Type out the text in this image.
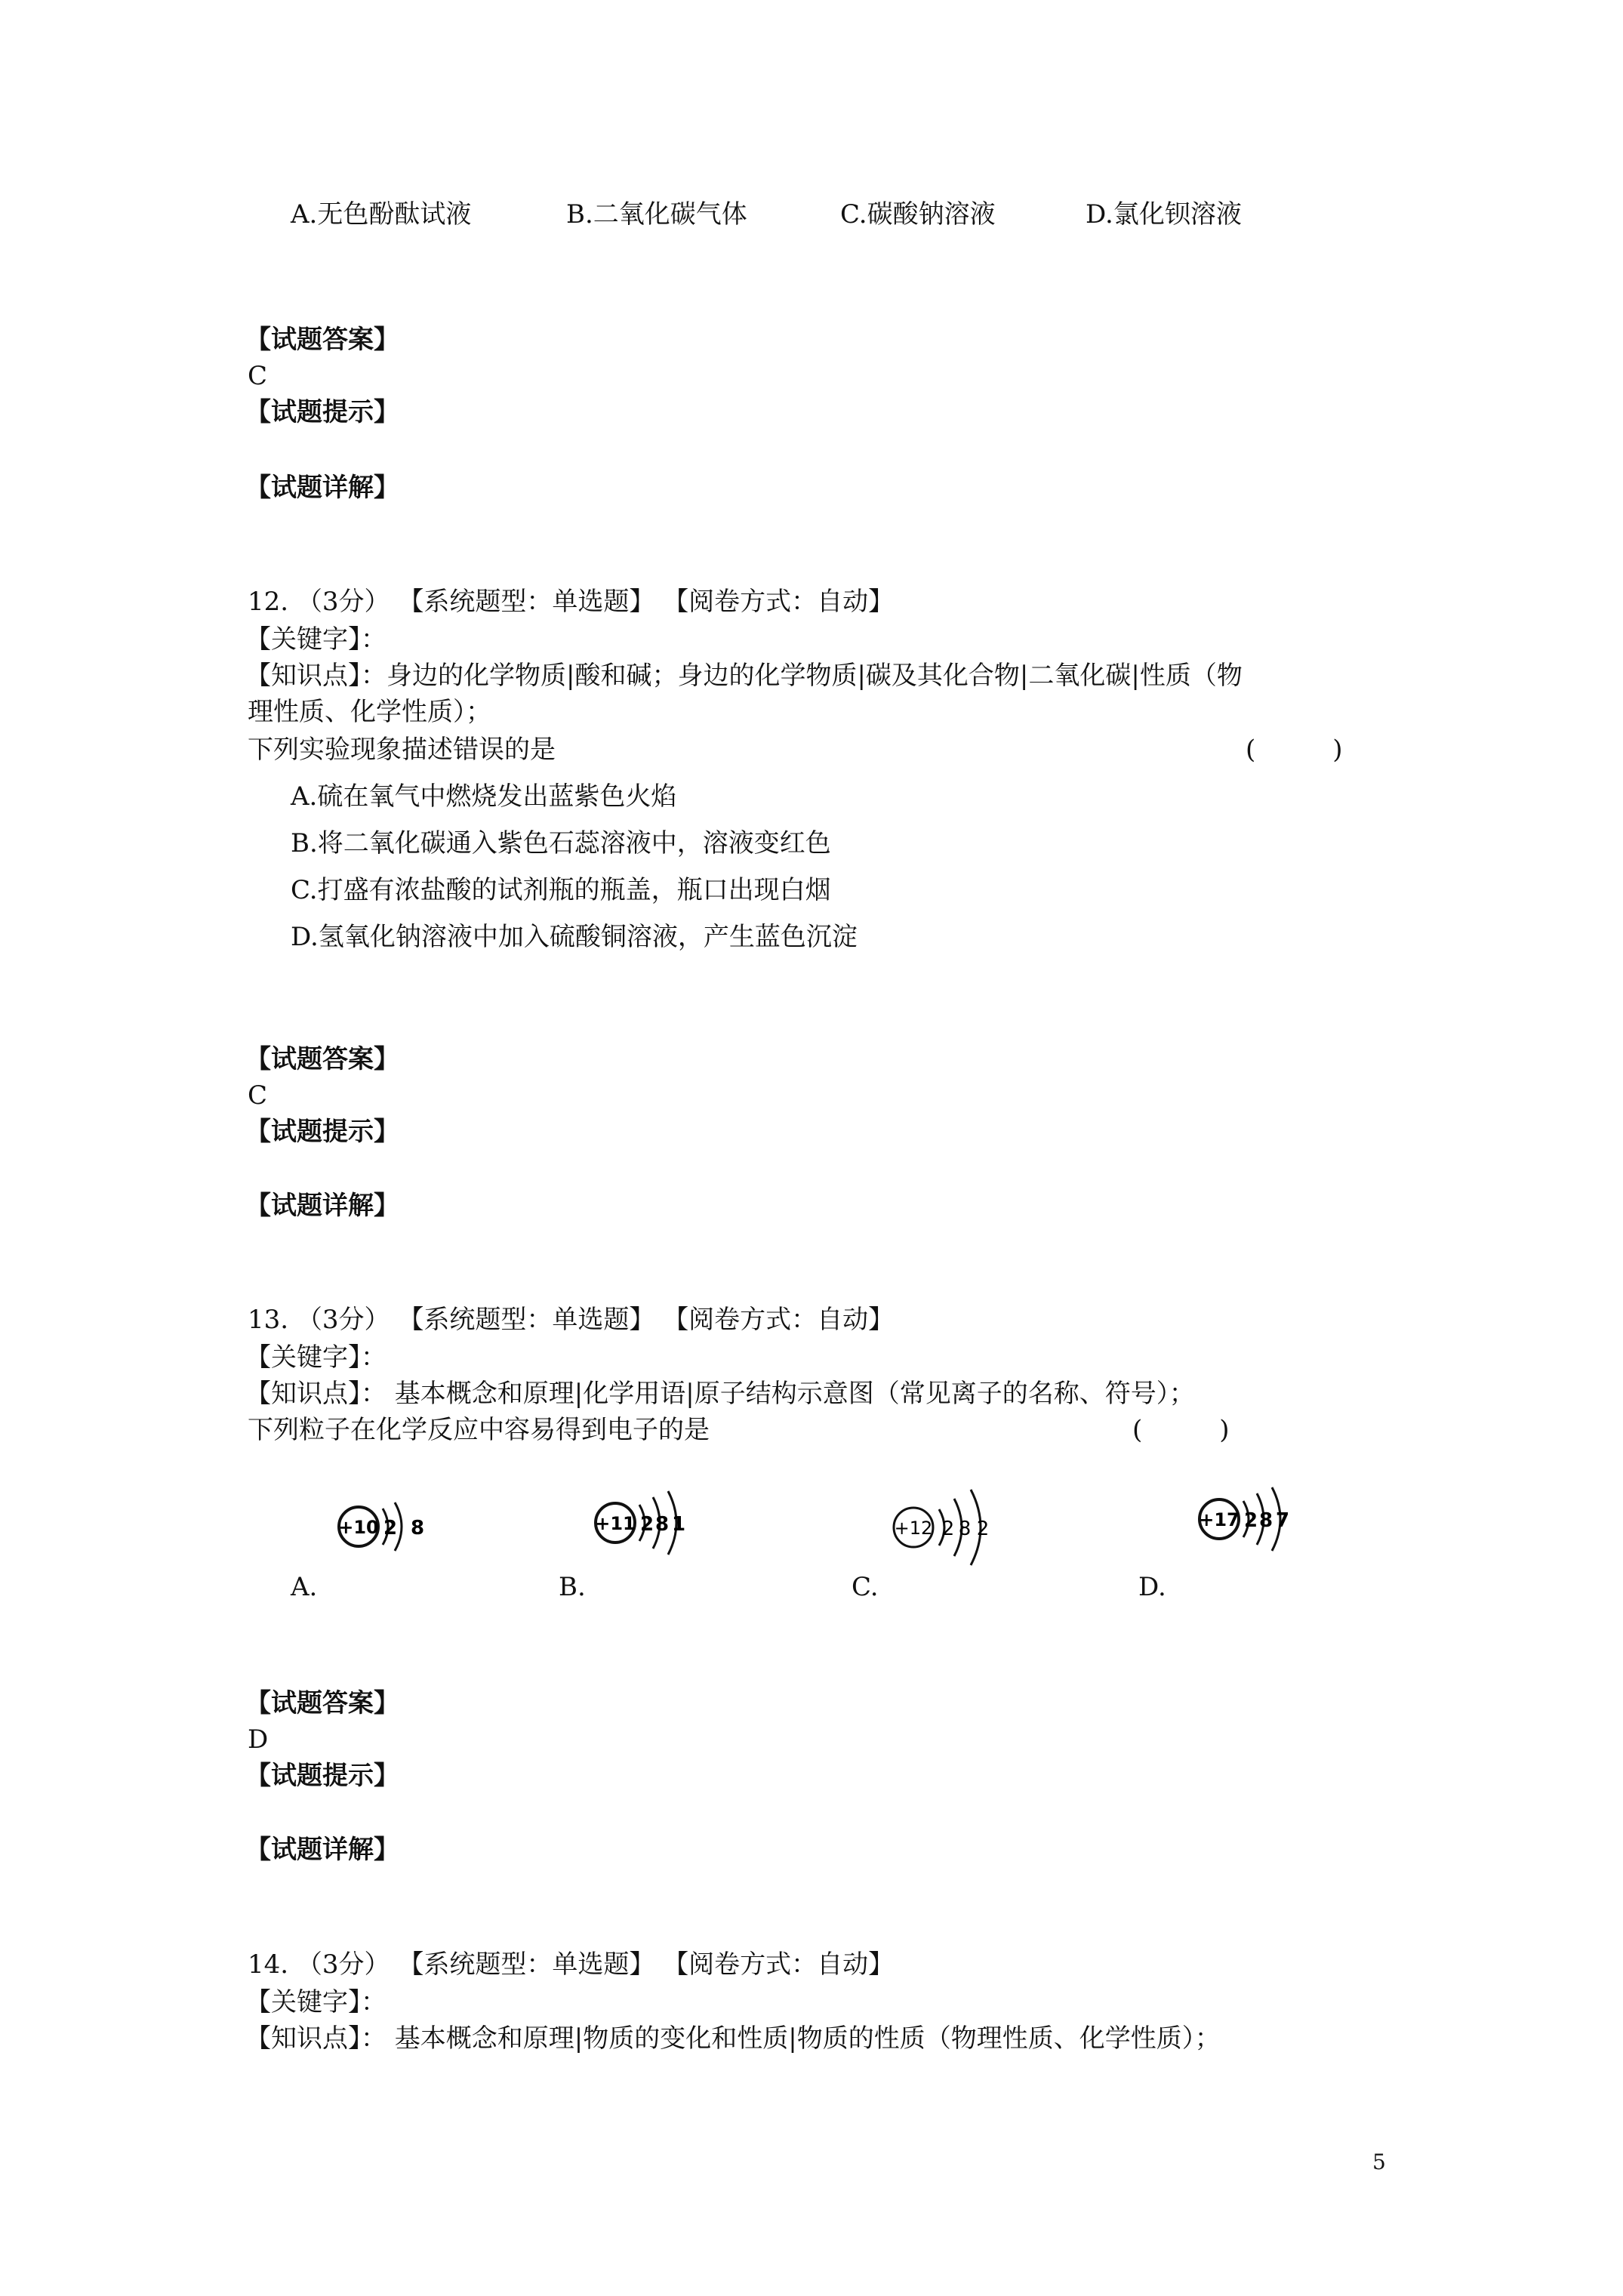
A.无色酚酞试液	B.二氧化碳气体	C.碳酸钠溶液	D.氯化钡溶液
【试题答案】
C
【试题提示】
【试题详解】
12. （3分） 【系统题型：单选题】 【阅卷方式：自动】
【关键字】：
【知识点】：身边的化学物质|酸和碱；身边的化学物质|碳及其化合物|二氧化碳|性质（物
理性质、化学性质）；
下列实验现象描述错误的是	(　　　)
A.硫在氧气中燃烧发出蓝紫色火焰
B.将二氧化碳通入紫色石蕊溶液中，溶液变红色
C.打盛有浓盐酸的试剂瓶的瓶盖，瓶口出现白烟
D.氢氧化钠溶液中加入硫酸铜溶液，产生蓝色沉淀
【试题答案】
C
【试题提示】
【试题详解】
13. （3分） 【系统题型：单选题】 【阅卷方式：自动】
【关键字】：
【知识点】： 基本概念和原理|化学用语|原子结构示意图（常见离子的名称、符号）；
下列粒子在化学反应中容易得到电子的是	(　　　)
+10 2 8
A.
+11 2 8 1
B.
+12 2 8 2
C.
+17 2 8 7
D.
【试题答案】
D
【试题提示】
【试题详解】
14. （3分） 【系统题型：单选题】 【阅卷方式：自动】
【关键字】：
【知识点】： 基本概念和原理|物质的变化和性质|物质的性质（物理性质、化学性质）；
5
